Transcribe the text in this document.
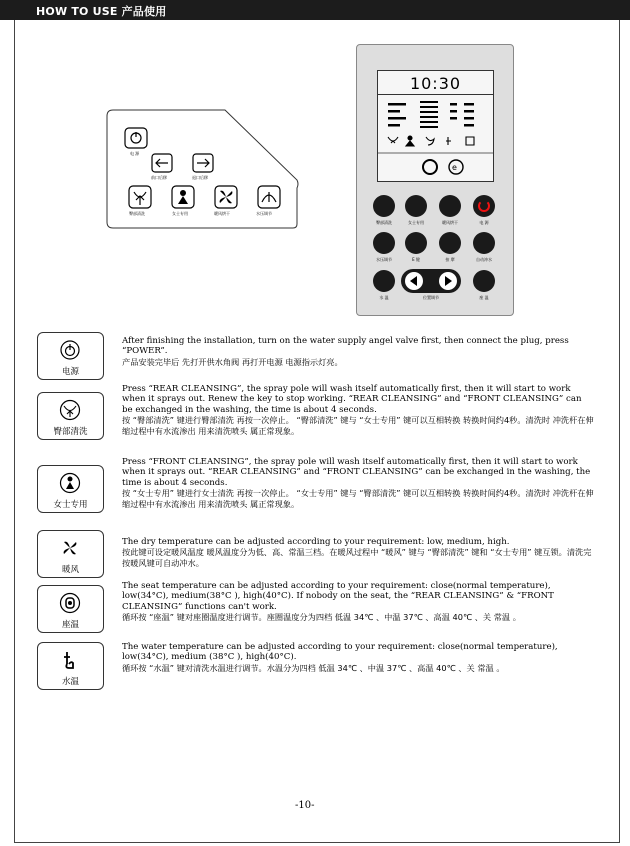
HOW TO USE 产品使用
电 源
前口后移	退口后移
臀部清洗	女士专用	暖风烘干	水压调节
10:30
e
臀部清洗	女士专用	暖风烘干	电 源
水压调节	E 键	按 摩	自动冲水
水 温	位置调节	座 温
电源
After finishing the installation, turn on the water supply angel valve first, then connect the plug, press “POWER”.
产品安装完毕后 先打开供水角阀 再打开电源 电源指示灯亮。
臀部清洗
Press “REAR CLEANSING”, the spray pole will wash itself automatically first, then it will start to work when it sprays out. Renew the key to stop working. “REAR CLEANSING” and “FRONT CLEANSING” can be exchanged in the washing, the time is about 4 seconds.
按 “臀部清洗” 键进行臀部清洗 再按一次停止。 “臀部清洗” 键与 “女士专用” 键可以互相转换 转换时间约4秒。清洗时 冲洗杆在伸缩过程中有水流渗出 用来清洗喷头 属正常现象。
女士专用
Press “FRONT CLEANSING”, the spray pole will wash itself automatically first, then it will start to work when it sprays out. “REAR CLEANSING” and “FRONT CLEANSING” can be exchanged in the washing, the time is about 4 seconds.
按 “女士专用” 键进行女士清洗 再按一次停止。 “女士专用” 键与 “臀部清洗” 键可以互相转换 转换时间约4秒。清洗时 冲洗杆在伸缩过程中有水流渗出 用来清洗喷头 属正常现象。
暖风
The dry temperature can be adjusted according to your requirement: low, medium, high.
按此键可设定暖风温度 暖风温度分为低、高、常温三档。在暖风过程中 “暖风” 键与 “臀部清洗” 键和 “女士专用” 键互锁。清洗完按暖风键可自动冲水。
座温
The seat temperature can be adjusted according to your requirement: close(normal temperature), low(34°C), medium(38°C ), high(40°C). If nobody on the seat, the “REAR CLEANSING” & “FRONT CLEANSING” functions can't work.
循环按 “座温” 键对座圈温度进行调节。座圈温度分为四档 低温 34℃ 、中温 37℃ 、高温 40℃ 、关 常温 。
水温
The water temperature can be adjusted according to your requirement: close(normal temperature), low(34°C), medium (38°C ), high(40°C).
循环按 “水温” 键对清洗水温进行调节。水温分为四档 低温 34℃ 、中温 37℃ 、高温 40℃ 、关 常温 。
-10-
